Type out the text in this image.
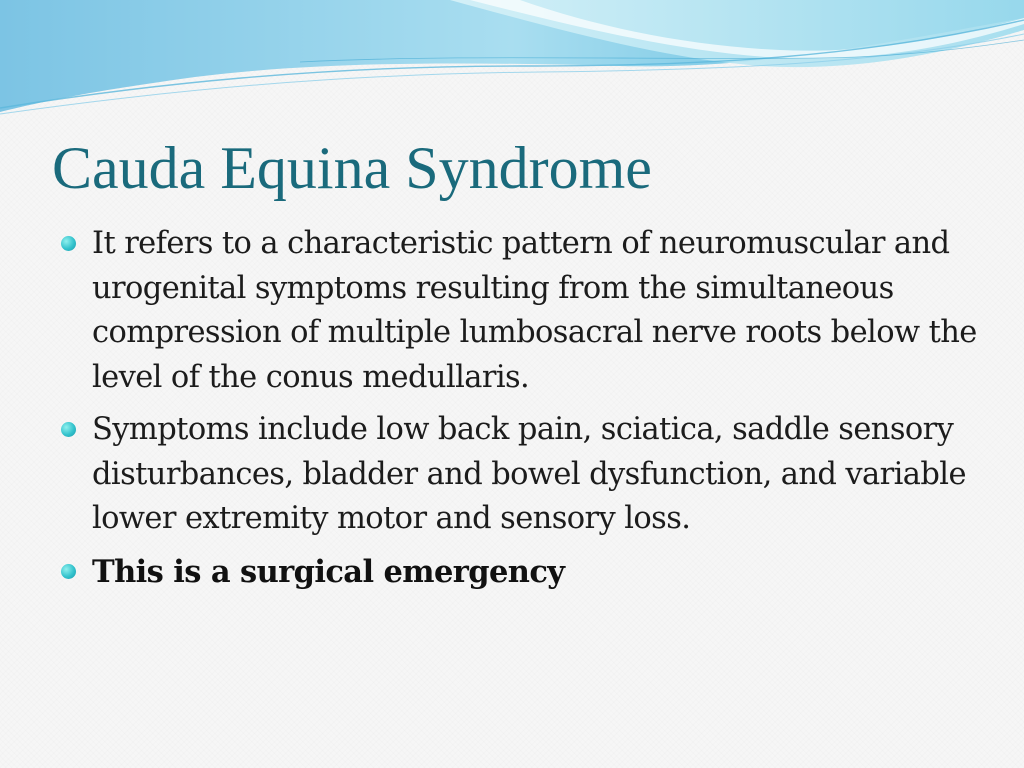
Cauda Equina Syndrome
It refers to a characteristic pattern of neuromuscular and urogenital symptoms resulting from the simultaneous compression of multiple lumbosacral nerve roots below the level of the conus medullaris.
Symptoms include low back pain, sciatica, saddle sensory disturbances, bladder and bowel dysfunction, and variable lower extremity motor and sensory loss.
This is a surgical emergency
